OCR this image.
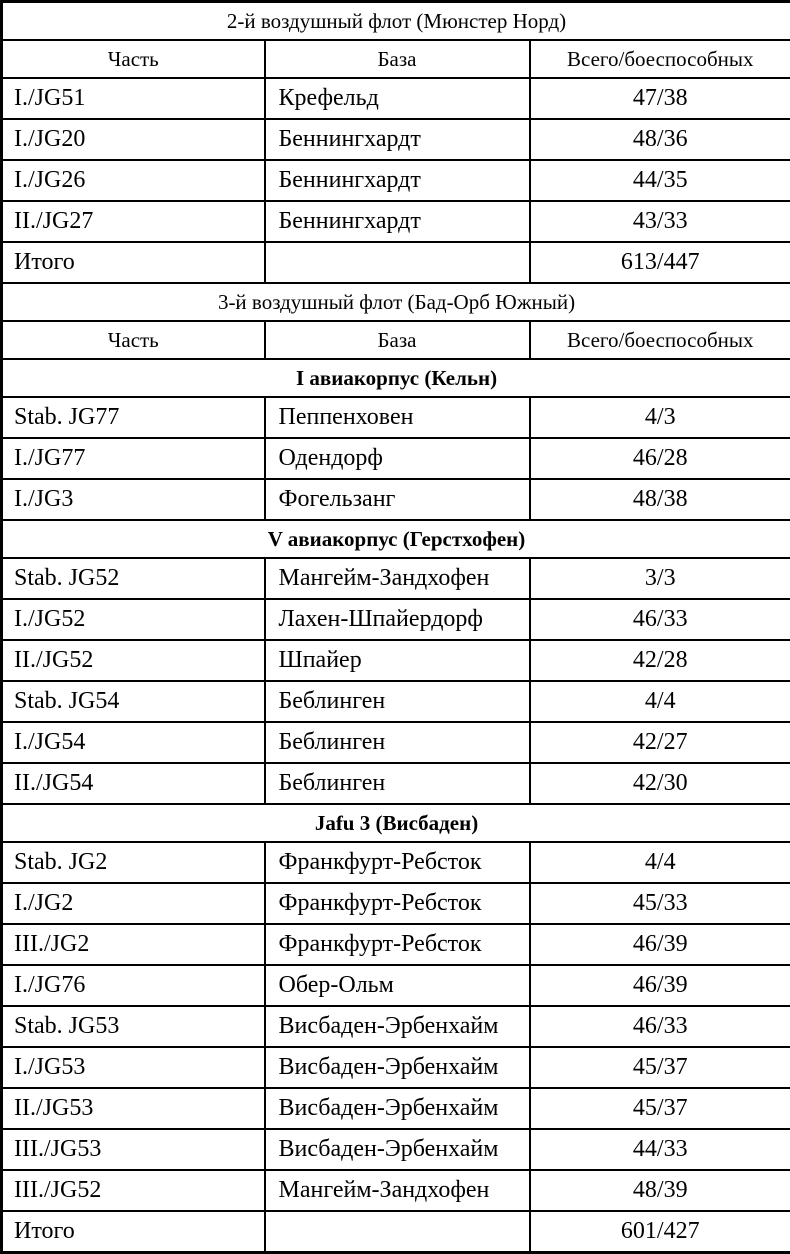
2-й воздушный флот (Мюнстер Норд)		
Часть	База	Всего/боеспособных
I./JG51	Крефельд	47/38
I./JG20	Беннингхардт	48/36
I./JG26	Беннингхардт	44/35
II./JG27	Беннингхардт	43/33
Итого		613/447
3-й воздушный флот (Бад-Орб Южный)		
Часть	База	Всего/боеспособных
I авиакорпус (Кельн)		
Stab. JG77	Пеппенховен	4/3
I./JG77	Одендорф	46/28
I./JG3	Фогельзанг	48/38
V авиакорпус (Герстхофен)		
Stab. JG52	Мангейм-Зандхофен	3/3
I./JG52	Лахен-Шпайердорф	46/33
II./JG52	Шпайер	42/28
Stab. JG54	Беблинген	4/4
I./JG54	Беблинген	42/27
II./JG54	Беблинген	42/30
Jafu 3 (Висбаден)		
Stab. JG2	Франкфурт-Ребсток	4/4
I./JG2	Франкфурт-Ребсток	45/33
III./JG2	Франкфурт-Ребсток	46/39
I./JG76	Обер-Ольм	46/39
Stab. JG53	Висбаден-Эрбенхайм	46/33
I./JG53	Висбаден-Эрбенхайм	45/37
II./JG53	Висбаден-Эрбенхайм	45/37
III./JG53	Висбаден-Эрбенхайм	44/33
III./JG52	Мангейм-Зандхофен	48/39
Итого		601/427
